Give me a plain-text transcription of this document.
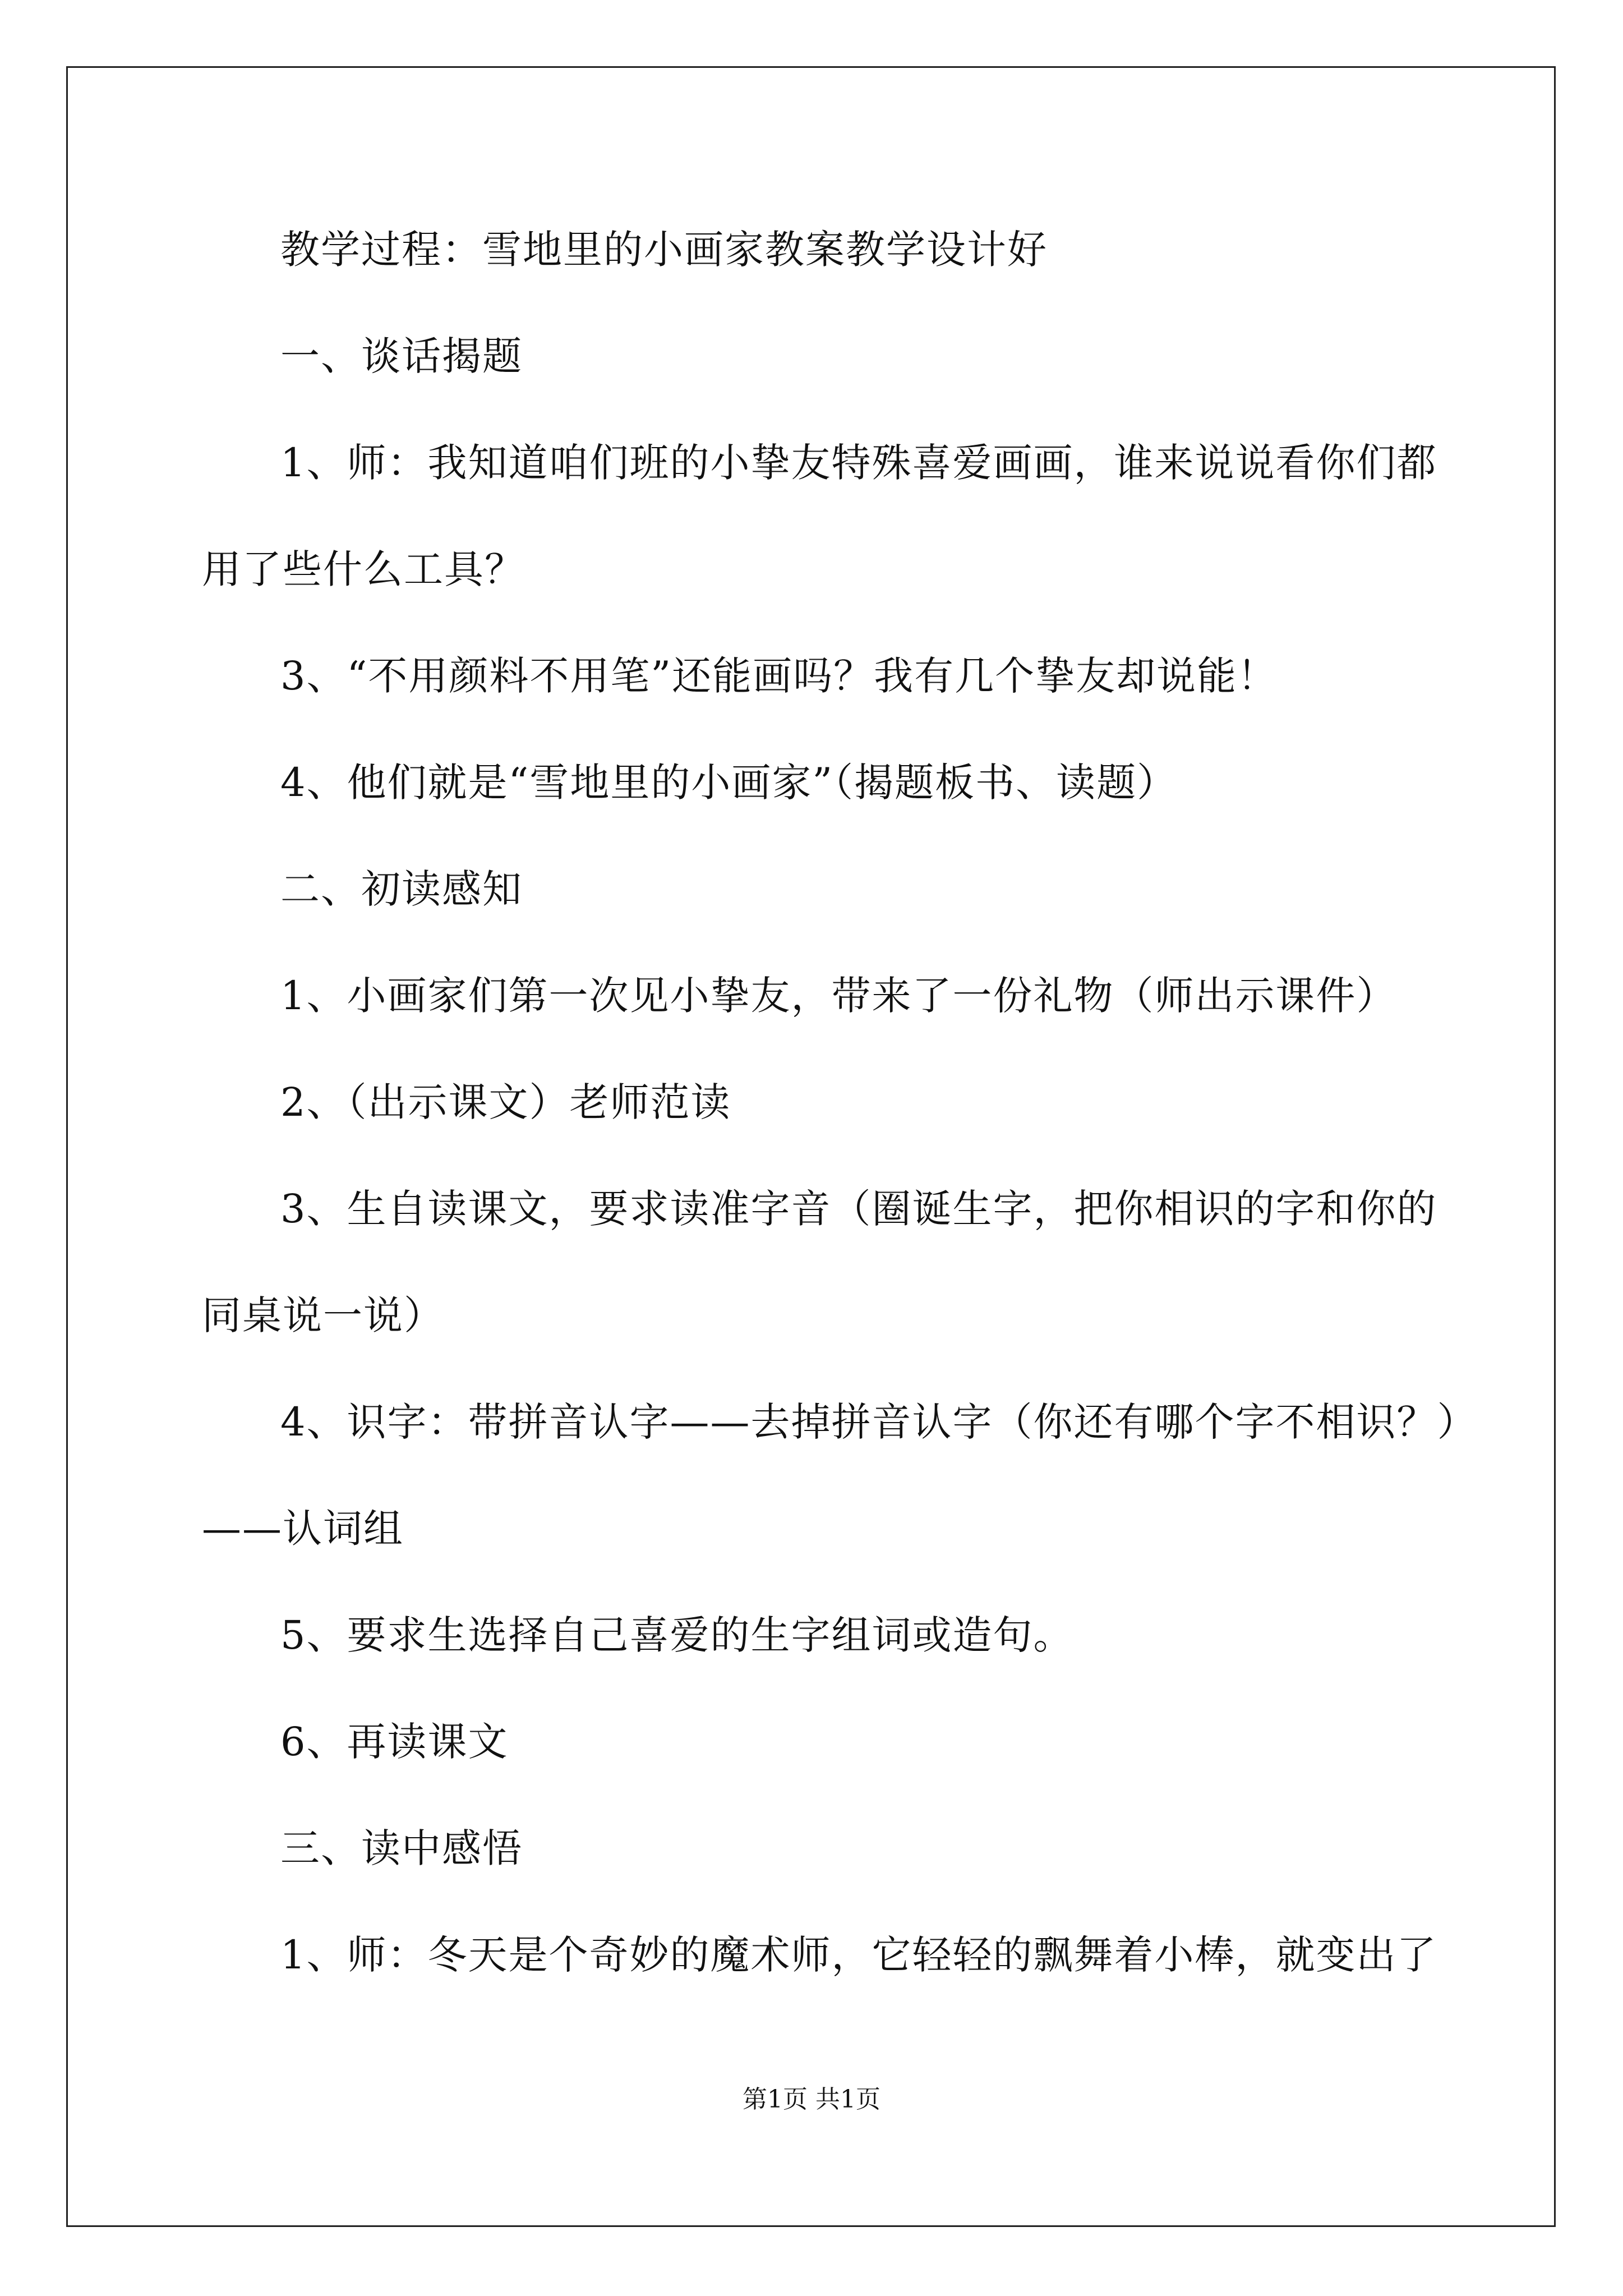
教学过程：雪地里的小画家教案教学设计好
一、谈话揭题
1、师：我知道咱们班的小挚友特殊喜爱画画，谁来说说看你们都
用了些什么工具？
3、“不用颜料不用笔”还能画吗？我有几个挚友却说能！
4、他们就是“雪地里的小画家”（揭题板书、读题）
二、初读感知
1、小画家们第一次见小挚友，带来了一份礼物（师出示课件）
2、（出示课文）老师范读
3、生自读课文，要求读准字音（圈诞生字，把你相识的字和你的
同桌说一说）
4、识字：带拼音认字——去掉拼音认字（你还有哪个字不相识？）
——认词组
5、要求生选择自己喜爱的生字组词或造句。
6、再读课文
三、读中感悟
1、师：冬天是个奇妙的魔术师，它轻轻的飘舞着小棒，就变出了
第1页 共1页
